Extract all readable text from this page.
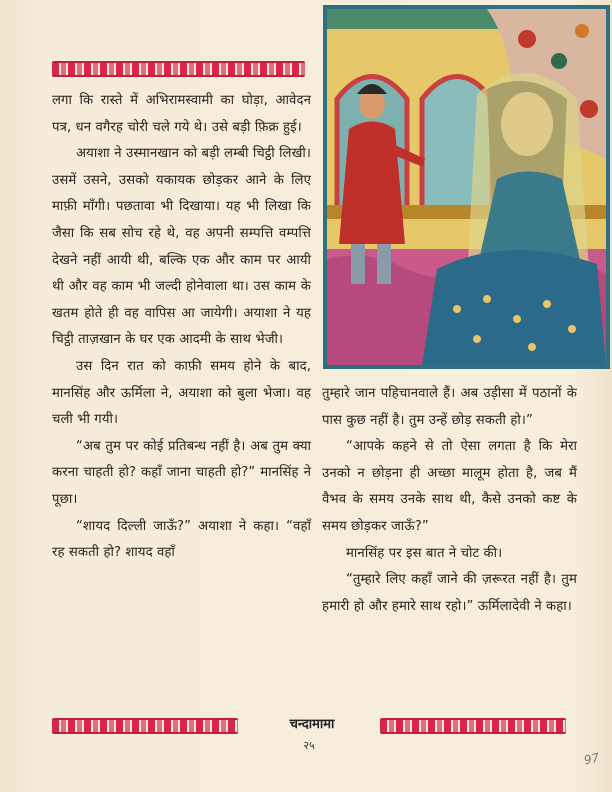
लगा कि रास्ते में अभिरामस्वामी का घोड़ा, आवेदन पत्र, धन वगैरह चोरी चले गये थे। उसे बड़ी फ़िक्र हुई।

अयाशा ने उस्मानखान को बड़ी लम्बी चिट्ठी लिखी। उसमें उसने, उसको यकायक छोड़कर आने के लिए माफ़ी माँगी। पछतावा भी दिखाया। यह भी लिखा कि जैसा कि सब सोच रहे थे, वह अपनी सम्पत्ति वम्पत्ति देखने नहीं आयी थी, बल्कि एक और काम पर आयी थी और वह काम भी जल्दी होनेवाला था। उस काम के खतम होते ही वह वापिस आ जायेगी। अयाशा ने यह चिट्ठी ताज़खान के घर एक आदमी के साथ भेजी।

उस दिन रात को काफ़ी समय होने के बाद, मानसिंह और ऊर्मिला ने, अयाशा को बुला भेजा। वह चली भी गयी।

“अब तुम पर कोई प्रतिबन्ध नहीं है। अब तुम क्या करना चाहती हो? कहाँ जाना चाहती हो?” मानसिंह ने पूछा।

“शायद दिल्ली जाऊँ?” अयाशा ने कहा। “वहाँ रह सकती हो? शायद वहाँ

तुम्हारे जान पहिचानवाले हैं। अब उड़ीसा में पठानों के पास कुछ नहीं है। तुम उन्हें छोड़ सकती हो।”

“आपके कहने से तो ऐसा लगता है कि मेरा उनको न छोड़ना ही अच्छा मालूम होता है, जब मैं वैभव के समय उनके साथ थी, कैसे उनको कष्ट के समय छोड़कर जाऊँ?”

मानसिंह पर इस बात ने चोट की।

“तुम्हारे लिए कहाँ जाने की ज़रूरत नहीं है। तुम हमारी हो और हमारे साथ रहो।” ऊर्मिलादेवी ने कहा।

चन्दामामा
२५
97
